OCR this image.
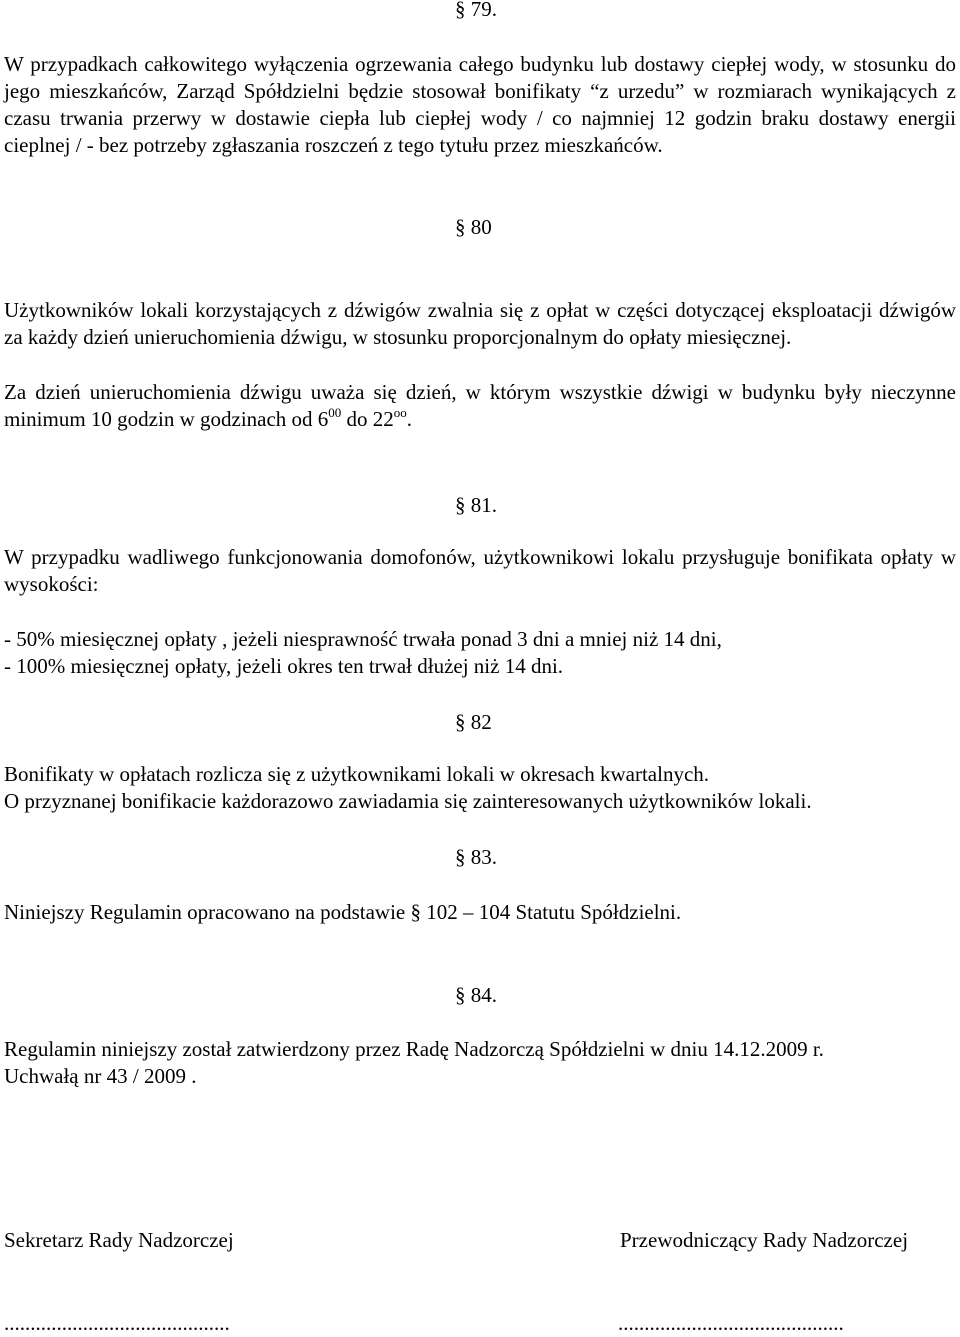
§ 79.
W przypadkach całkowitego wyłączenia ogrzewania całego budynku lub dostawy ciepłej wody, w stosunku do jego mieszkańców, Zarząd Spółdzielni będzie stosował bonifikaty “z urzedu” w rozmiarach wynikających z czasu trwania przerwy w dostawie ciepła lub ciepłej wody / co najmniej 12 godzin braku dostawy energii cieplnej / - bez potrzeby zgłaszania roszczeń z tego tytułu przez mieszkańców.
§ 80
Użytkowników lokali korzystających z dźwigów zwalnia się z opłat w części dotyczącej eksploatacji dźwigów za każdy dzień unieruchomienia dźwigu, w stosunku proporcjonalnym do opłaty miesięcznej.
Za dzień unieruchomienia dźwigu uważa się dzień, w którym wszystkie dźwigi w budynku były nieczynne minimum 10 godzin w godzinach od $6^{00}$ do $22^{oo}$.
§ 81.
W przypadku wadliwego funkcjonowania domofonów, użytkownikowi lokalu przysługuje bonifikata opłaty w wysokości:
- 50% miesięcznej opłaty , jeżeli niesprawność trwała ponad 3 dni a mniej niż 14 dni,
- 100% miesięcznej opłaty, jeżeli okres ten trwał dłużej niż 14 dni.
§ 82
Bonifikaty w opłatach rozlicza się z użytkownikami lokali w okresach kwartalnych.
O przyznanej bonifikacie każdorazowo zawiadamia się zainteresowanych użytkowników lokali.
§ 83.
Niniejszy Regulamin opracowano na podstawie § 102 – 104 Statutu Spółdzielni.
§ 84.
Regulamin niniejszy został zatwierdzony przez Radę Nadzorczą Spółdzielni w dniu 14.12.2009 r.
Uchwałą nr 43 / 2009 .
Sekretarz Rady Nadzorczej	Przewodniczący Rady Nadzorczej
...........................................	...........................................
